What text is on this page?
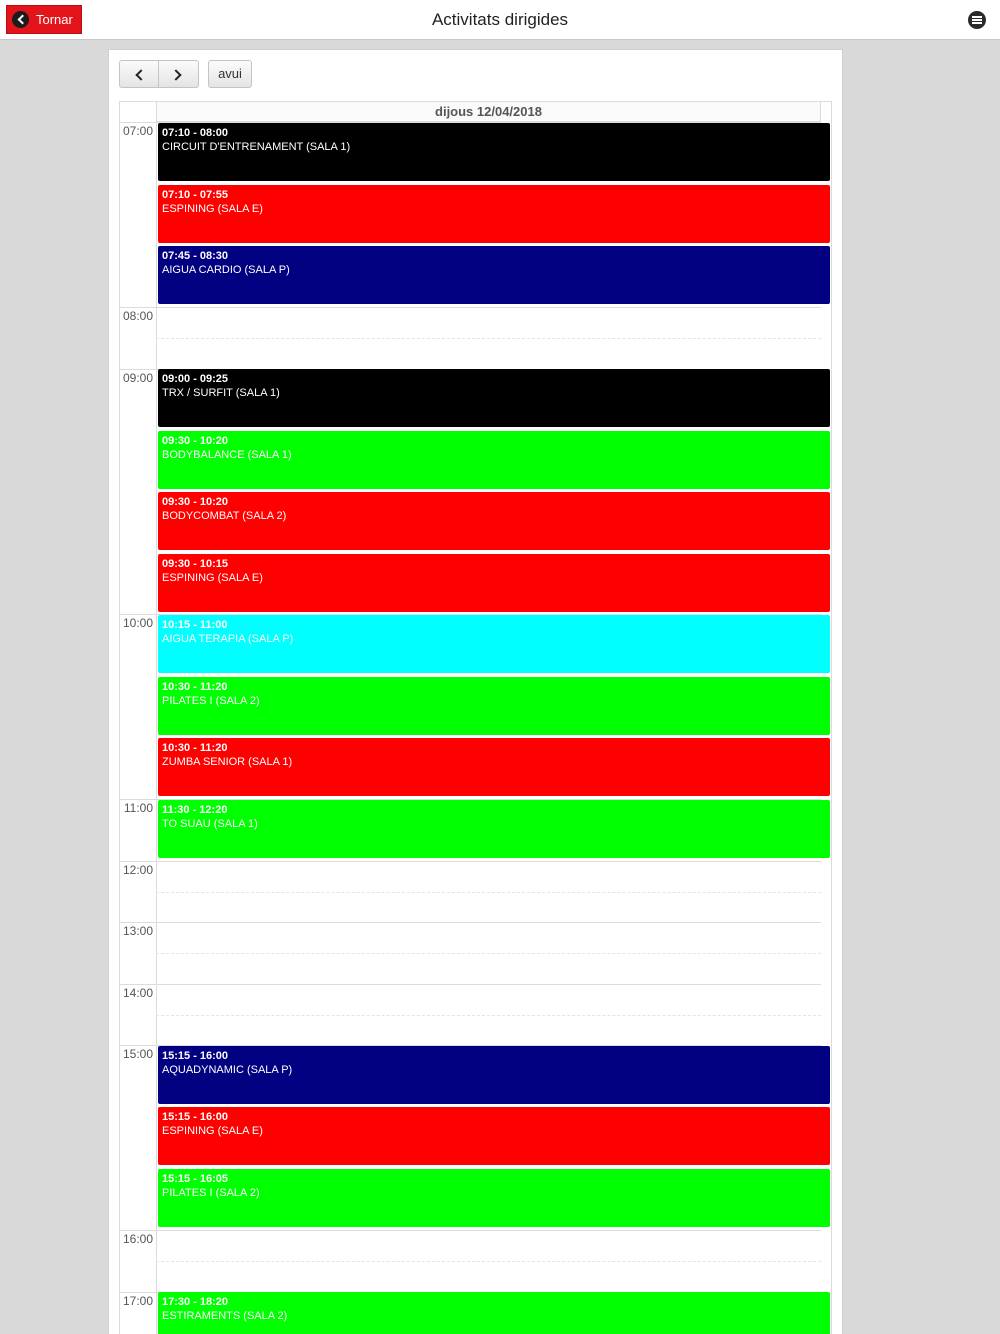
Tornar	Activitats dirigides
avui
dijous 12/04/2018
07:00
08:00
09:00
10:00
11:00
12:00
13:00
14:00
15:00
16:00
17:00
07:10 - 08:00
CIRCUIT D'ENTRENAMENT (SALA 1)
07:10 - 07:55
ESPINING (SALA E)
07:45 - 08:30
AIGUA CARDIO (SALA P)
09:00 - 09:25
TRX / SURFIT (SALA 1)
09:30 - 10:20
BODYBALANCE (SALA 1)
09:30 - 10:20
BODYCOMBAT (SALA 2)
09:30 - 10:15
ESPINING (SALA E)
10:15 - 11:00
AIGUA TERAPIA (SALA P)
10:30 - 11:20
PILATES I (SALA 2)
10:30 - 11:20
ZUMBA SENIOR (SALA 1)
11:30 - 12:20
TO SUAU (SALA 1)
15:15 - 16:00
AQUADYNAMIC (SALA P)
15:15 - 16:00
ESPINING (SALA E)
15:15 - 16:05
PILATES I (SALA 2)
17:30 - 18:20
ESTIRAMENTS (SALA 2)
